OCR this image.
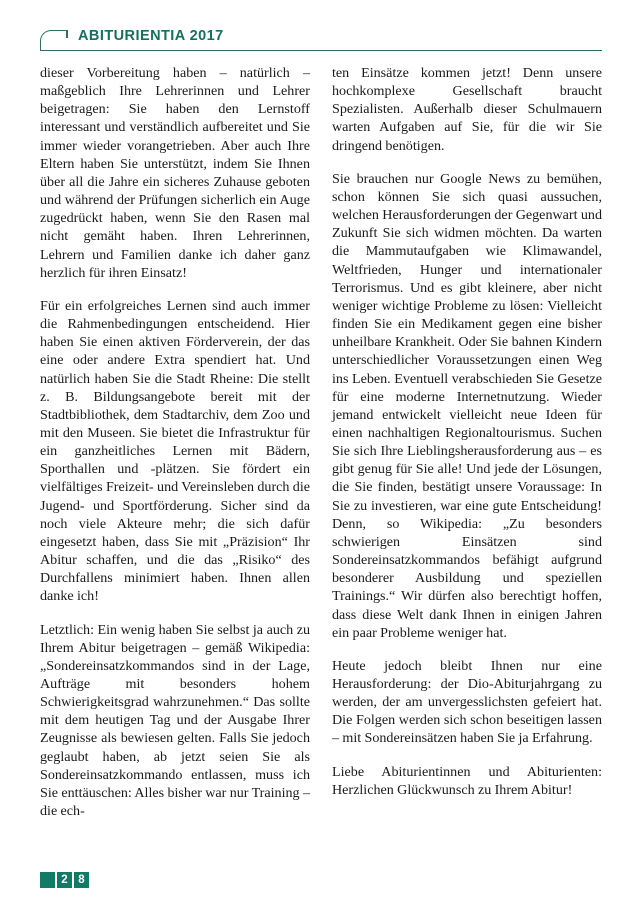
ABITURIENTIA 2017

dieser Vorbereitung haben – natürlich – maßgeblich Ihre Lehrerinnen und Lehrer beigetragen: Sie haben den Lernstoff interessant und verständlich aufbereitet und Sie immer wieder vorangetrieben. Aber auch Ihre Eltern haben Sie unterstützt, indem Sie Ihnen über all die Jahre ein sicheres Zuhause geboten und während der Prüfungen sicherlich ein Auge zugedrückt haben, wenn Sie den Rasen mal nicht gemäht haben. Ihren Lehrerinnen, Lehrern und Familien danke ich daher ganz herzlich für ihren Einsatz!

Für ein erfolgreiches Lernen sind auch immer die Rahmenbedingungen entscheidend. Hier haben Sie einen aktiven Förderverein, der das eine oder andere Extra spendiert hat. Und natürlich haben Sie die Stadt Rheine: Die stellt z. B. Bildungsangebote bereit mit der Stadtbibliothek, dem Stadtarchiv, dem Zoo und mit den Museen. Sie bietet die Infrastruktur für ein ganzheitliches Lernen mit Bädern, Sporthallen und -plätzen. Sie fördert ein vielfältiges Freizeit- und Vereinsleben durch die Jugend- und Sportförderung. Sicher sind da noch viele Akteure mehr; die sich dafür eingesetzt haben, dass Sie mit „Präzision“ Ihr Abitur schaffen, und die das „Risiko“ des Durchfallens minimiert haben. Ihnen allen danke ich!

Letztlich: Ein wenig haben Sie selbst ja auch zu Ihrem Abitur beigetragen – gemäß Wikipedia: „Sondereinsatzkommandos sind in der Lage, Aufträge mit besonders hohem Schwierigkeitsgrad wahrzunehmen.“ Das sollte mit dem heutigen Tag und der Ausgabe Ihrer Zeugnisse als bewiesen gelten. Falls Sie jedoch geglaubt haben, ab jetzt seien Sie als Sondereinsatzkommando entlassen, muss ich Sie enttäuschen: Alles bisher war nur Training – die ech-

ten Einsätze kommen jetzt! Denn unsere hochkomplexe Gesellschaft braucht Spezialisten. Außerhalb dieser Schulmauern warten Aufgaben auf Sie, für die wir Sie dringend benötigen.

Sie brauchen nur Google News zu bemühen, schon können Sie sich quasi aussuchen, welchen Herausforderungen der Gegenwart und Zukunft Sie sich widmen möchten. Da warten die Mammutaufgaben wie Klimawandel, Weltfrieden, Hunger und internationaler Terrorismus. Und es gibt kleinere, aber nicht weniger wichtige Probleme zu lösen: Vielleicht finden Sie ein Medikament gegen eine bisher unheilbare Krankheit. Oder Sie bahnen Kindern unterschiedlicher Voraussetzungen einen Weg ins Leben. Eventuell verabschieden Sie Gesetze für eine moderne Internetnutzung. Wieder jemand entwickelt vielleicht neue Ideen für einen nachhaltigen Regionaltourismus. Suchen Sie sich Ihre Lieblingsherausforderung aus – es gibt genug für Sie alle! Und jede der Lösungen, die Sie finden, bestätigt unsere Voraussage: In Sie zu investieren, war eine gute Entscheidung! Denn, so Wikipedia: „Zu besonders schwierigen Einsätzen sind Sondereinsatzkommandos befähigt aufgrund besonderer Ausbildung und speziellen Trainings.“ Wir dürfen also berechtigt hoffen, dass diese Welt dank Ihnen in einigen Jahren ein paar Probleme weniger hat.

Heute jedoch bleibt Ihnen nur eine Herausforderung: der Dio-Abiturjahrgang zu werden, der am unvergesslichsten gefeiert hat. Die Folgen werden sich schon beseitigen lassen – mit Sondereinsätzen haben Sie ja Erfahrung.

Liebe Abiturientinnen und Abiturienten: Herzlichen Glückwunsch zu Ihrem Abitur!

2 8
